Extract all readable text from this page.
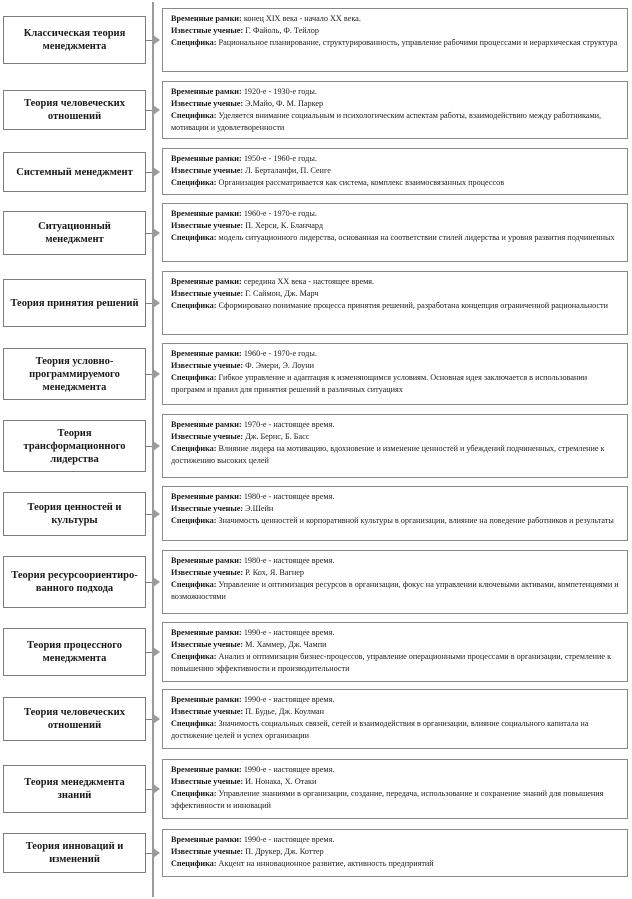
Классическая теория менеджмента
Временные рамки: конец XIX века - начало XX века.
Известные ученые: Г. Файоль, Ф. Тейлор
Специфика: Рациональное планирование, структурированность, управление рабочими процессами и иерархическая структура
Теория человеческих отношений
Временные рамки: 1920-е - 1930-е годы.
Известные ученые: Э.Майо, Ф. М. Паркер
Специфика: Уделяется внимание социальным и психологическим аспектам работы, взаимодействию между работниками, мотивации и удовлетворенности
Системный менеджмент
Временные рамки: 1950-е - 1960-е годы.
Известные ученые: Л. Берталанфи, П. Сенге
Специфика: Организация рассматривается как система, комплекс взаимосвязанных процессов
Ситуационный менеджмент
Временные рамки: 1960-е - 1970-е годы.
Известные ученые: П. Херси, К. Бланчард
Специфика: модель ситуационного лидерства, основанная на соответствии стилей лидерства и уровня развития подчиненных
Теория принятия решений
Временные рамки: середина XX века - настоящее время.
Известные ученые: Г. Саймон, Дж. Марч
Специфика: Сформировано понимание процесса принятия решений, разработана концепция ограниченной рациональности
Теория условно-программируемого менеджмента
Временные рамки: 1960-е - 1970-е годы.
Известные ученые: Ф. Эмери, Э. Лоуни
Специфика: Гибкое управление и адаптация к изменяющимся условиям. Основная идея заключается в использовании программ и правил для принятия решений в различных ситуациях
Теория трансформационного лидерства
Временные рамки: 1970-е - настоящее время.
Известные ученые: Дж. Бернс, Б. Басс
Специфика: Влияние лидера на мотивацию, вдохновение и изменение ценностей и убеждений подчиненных, стремление к достижению высоких целей
Теория ценностей и культуры
Временные рамки: 1980-е - настоящее время.
Известные ученые: Э.Шейн
Специфика: Значимость ценностей и корпоративной культуры в организации, влияние на поведение работников и результаты
Теория ресурсоориентиро-ванного подхода
Временные рамки: 1980-е - настоящее время.
Известные ученые: Р. Кох, Я. Вагнер
Специфика: Управление и оптимизация ресурсов в организации, фокус на управлении ключевыми активами, компетенциями и возможностями
Теория процессного менеджмента
Временные рамки: 1990-е - настоящее время.
Известные ученые: М. Хаммер, Дж. Чампи
Специфика: Анализ и оптимизация бизнес-процессов, управление операционными процессами в организации, стремление к повышению эффективности и производительности
Теория человеческих отношений
Временные рамки: 1990-е - настоящее время.
Известные ученые: П. Будье, Дж. Коулман
Специфика: Значимость социальных связей, сетей и взаимодействия в организации, влияние социального капитала на достижение целей и успех организации
Теория менеджмента знаний
Временные рамки: 1990-е - настоящее время.
Известные ученые: И. Нонака, Х. Отаки
Специфика: Управление знаниями в организации, создание, передача, использование и сохранение знаний для повышения эффективности и инноваций
Теория инноваций и изменений
Временные рамки: 1990-е - настоящее время.
Известные ученые: П. Друкер, Дж. Коттер
Специфика: Акцент на инновационное развитие, активность предприятий
